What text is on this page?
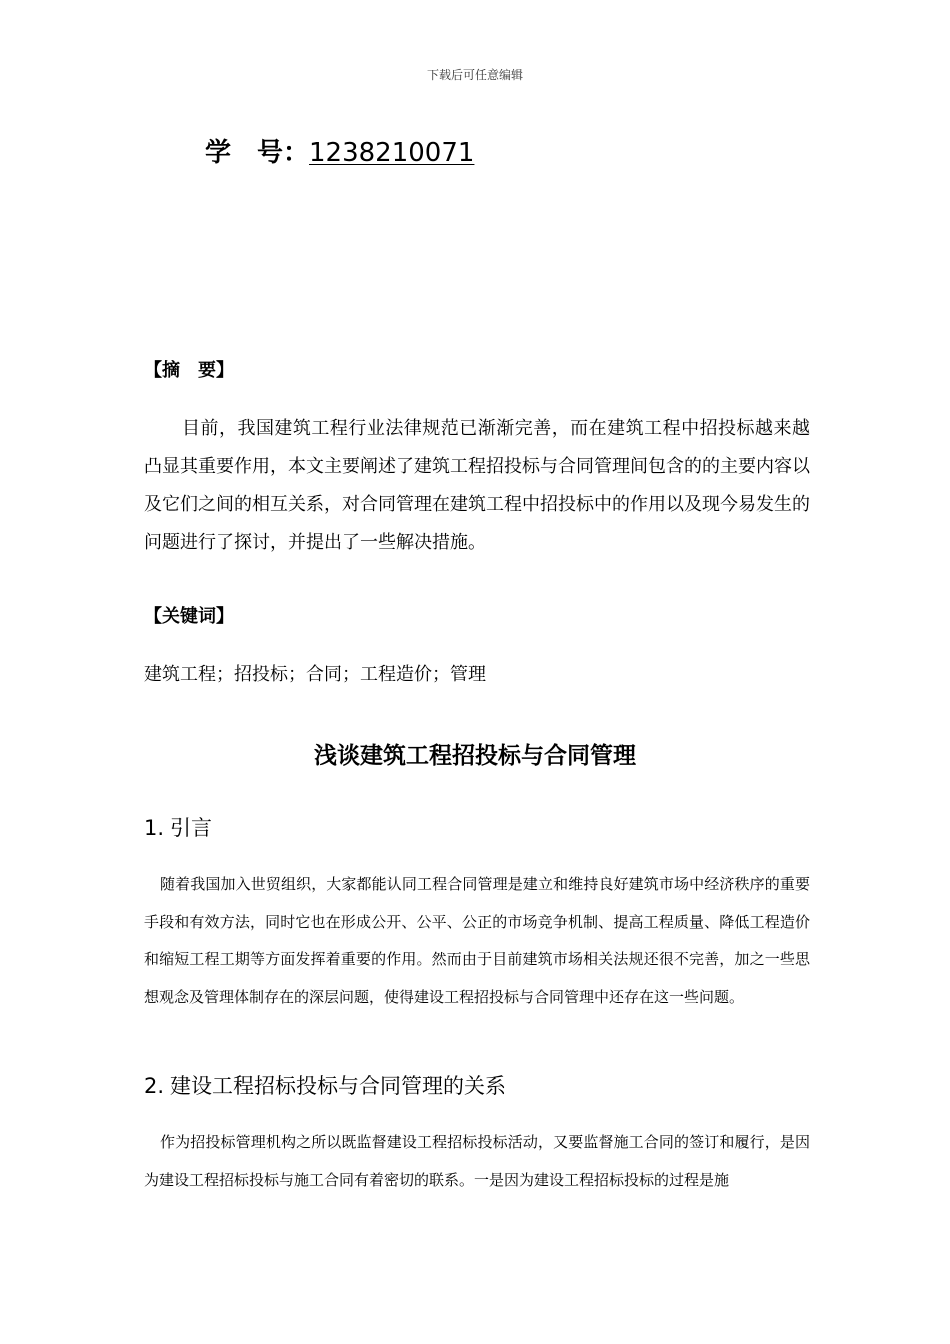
下载后可任意编辑
学　号：1238210071
【摘　要】
目前，我国建筑工程行业法律规范已渐渐完善，而在建筑工程中招投标越来越凸显其重要作用，本文主要阐述了建筑工程招投标与合同管理间包含的的主要内容以及它们之间的相互关系，对合同管理在建筑工程中招投标中的作用以及现今易发生的问题进行了探讨，并提出了一些解决措施。
【关键词】
建筑工程；招投标；合同；工程造价；管理
浅谈建筑工程招投标与合同管理
1. 引言
随着我国加入世贸组织，大家都能认同工程合同管理是建立和维持良好建筑市场中经济秩序的重要手段和有效方法，同时它也在形成公开、公平、公正的市场竞争机制、提高工程质量、降低工程造价和缩短工程工期等方面发挥着重要的作用。然而由于目前建筑市场相关法规还很不完善，加之一些思想观念及管理体制存在的深层问题，使得建设工程招投标与合同管理中还存在这一些问题。
2. 建设工程招标投标与合同管理的关系
作为招投标管理机构之所以既监督建设工程招标投标活动，又要监督施工合同的签订和履行，是因为建设工程招标投标与施工合同有着密切的联系。一是因为建设工程招标投标的过程是施
